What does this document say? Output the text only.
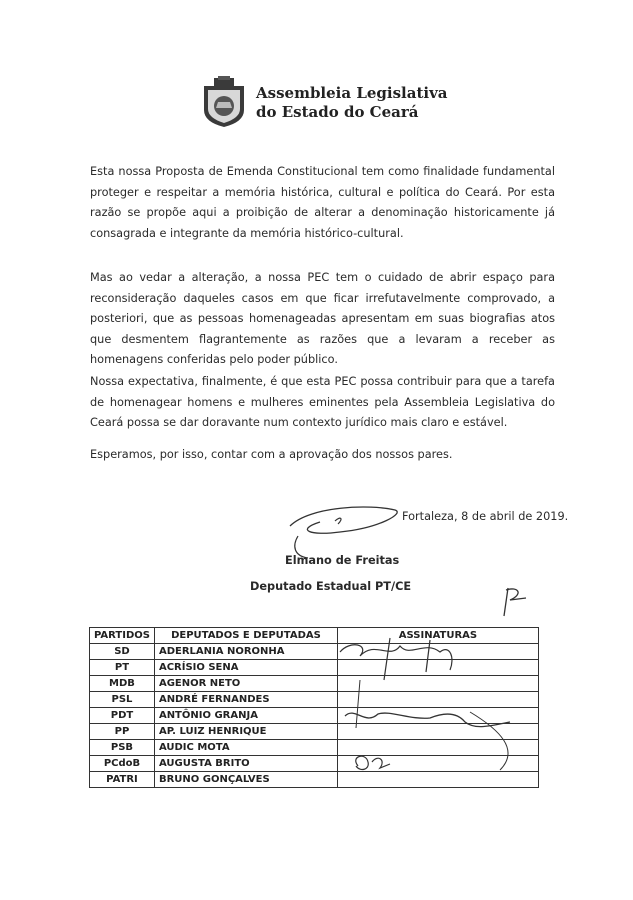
Assembleia Legislativa
do Estado do Ceará

Esta nossa Proposta de Emenda Constitucional tem como finalidade fundamental proteger e respeitar a memória histórica, cultural e política do Ceará. Por esta razão se propõe aqui a proibição de alterar a denominação historicamente já consagrada e integrante da memória histórico-cultural.

Mas ao vedar a alteração, a nossa PEC tem o cuidado de abrir espaço para reconsideração daqueles casos em que ficar irrefutavelmente comprovado, a posteriori, que as pessoas homenageadas apresentam em suas biografias atos que desmentem flagrantemente as razões que a levaram a receber as homenagens conferidas pelo poder público.

Nossa expectativa, finalmente, é que esta PEC possa contribuir para que a tarefa de homenagear homens e mulheres eminentes pela Assembleia Legislativa do Ceará possa se dar doravante num contexto jurídico mais claro e estável.

Esperamos, por isso, contar com a aprovação dos nossos pares.

Fortaleza, 8 de abril de 2019.
Elmano de Freitas
Deputado Estadual PT/CE
PARTIDOS	DEPUTADOS E DEPUTADAS	ASSINATURAS
SD	ADERLANIA NORONHA	
PT	ACRÍSIO SENA	
MDB	AGENOR NETO	
PSL	ANDRÉ FERNANDES	
PDT	ANTÔNIO GRANJA	
PP	AP. LUIZ HENRIQUE	
PSB	AUDIC MOTA	
PCdoB	AUGUSTA BRITO	
PATRI	BRUNO GONÇALVES	
